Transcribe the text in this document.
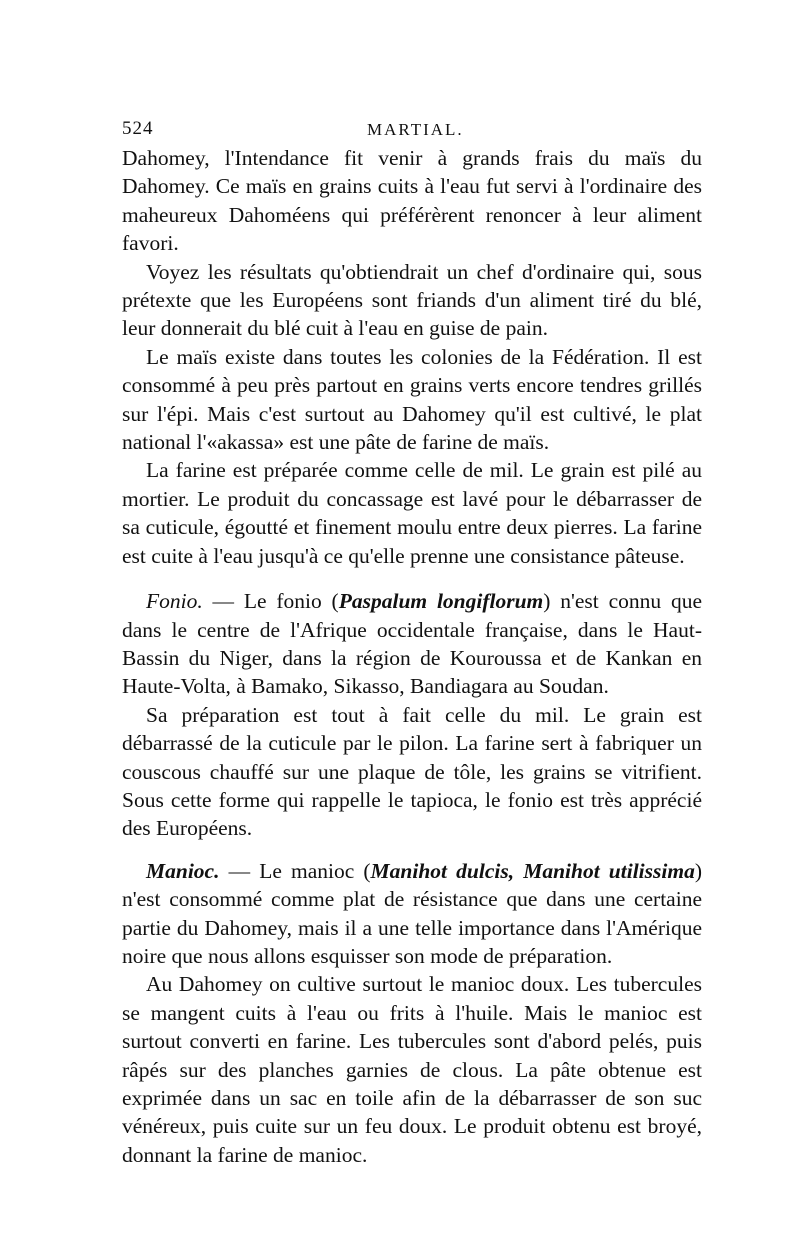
524	MARTIAL.

Dahomey, l'Intendance fit venir à grands frais du maïs du Dahomey. Ce maïs en grains cuits à l'eau fut servi à l'ordinaire des maheureux Dahoméens qui préférèrent renoncer à leur aliment favori.

Voyez les résultats qu'obtiendrait un chef d'ordinaire qui, sous prétexte que les Européens sont friands d'un aliment tiré du blé, leur donnerait du blé cuit à l'eau en guise de pain.

Le maïs existe dans toutes les colonies de la Fédération. Il est consommé à peu près partout en grains verts encore tendres grillés sur l'épi. Mais c'est surtout au Dahomey qu'il est cultivé, le plat national l'«akassa» est une pâte de farine de maïs.

La farine est préparée comme celle de mil. Le grain est pilé au mortier. Le produit du concassage est lavé pour le débarrasser de sa cuticule, égoutté et finement moulu entre deux pierres. La farine est cuite à l'eau jusqu'à ce qu'elle prenne une consistance pâteuse.

Fonio. — Le fonio (Paspalum longiflorum) n'est connu que dans le centre de l'Afrique occidentale française, dans le Haut-Bassin du Niger, dans la région de Kouroussa et de Kankan en Haute-Volta, à Bamako, Sikasso, Bandiagara au Soudan.

Sa préparation est tout à fait celle du mil. Le grain est débarrassé de la cuticule par le pilon. La farine sert à fabriquer un couscous chauffé sur une plaque de tôle, les grains se vitrifient. Sous cette forme qui rappelle le tapioca, le fonio est très apprécié des Européens.

Manioc. — Le manioc (Manihot dulcis, Manihot utilissima) n'est consommé comme plat de résistance que dans une certaine partie du Dahomey, mais il a une telle importance dans l'Amérique noire que nous allons esquisser son mode de préparation.

Au Dahomey on cultive surtout le manioc doux. Les tubercules se mangent cuits à l'eau ou frits à l'huile. Mais le manioc est surtout converti en farine. Les tubercules sont d'abord pelés, puis râpés sur des planches garnies de clous. La pâte obtenue est exprimée dans un sac en toile afin de la débarrasser de son suc vénéreux, puis cuite sur un feu doux. Le produit obtenu est broyé, donnant la farine de manioc.
